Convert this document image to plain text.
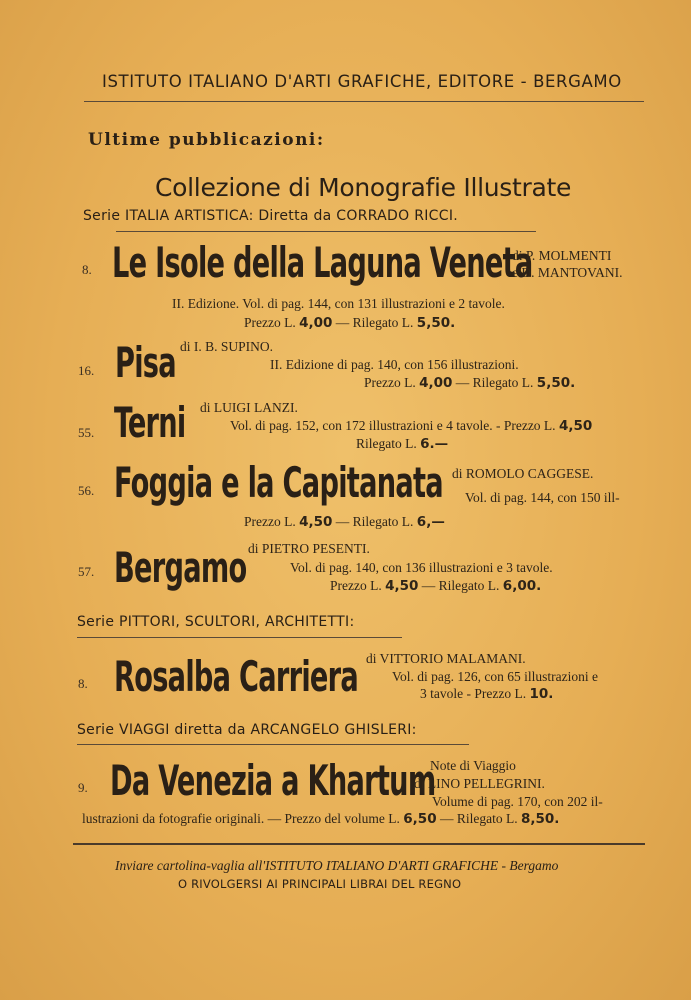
ISTITUTO ITALIANO D'ARTI GRAFICHE, EDITORE - BERGAMO
Ultime pubblicazioni:
Collezione di Monografie Illustrate
Serie ITALIA ARTISTICA: Diretta da CORRADO RICCI.
8. Le Isole della Laguna Veneta
di P. MOLMENTI
e D. MANTOVANI.
II. Edizione. Vol. di pag. 144, con 131 illustrazioni e 2 tavole.
Prezzo L. 4,00 — Rilegato L. 5,50.
16. Pisa di I. B. SUPINO.
II. Edizione di pag. 140, con 156 illustrazioni.
Prezzo L. 4,00 — Rilegato L. 5,50.
55. Terni di LUIGI LANZI.
Vol. di pag. 152, con 172 illustrazioni e 4 tavole. - Prezzo L. 4,50
Rilegato L. 6.—
56. Foggia e la Capitanata di ROMOLO CAGGESE.
Vol. di pag. 144, con 150 ill-
Prezzo L. 4,50 — Rilegato L. 6,—
57. Bergamo di PIETRO PESENTI.
Vol. di pag. 140, con 136 illustrazioni e 3 tavole.
Prezzo L. 4,50 — Rilegato L. 6,00.
Serie PITTORI, SCULTORI, ARCHITETTI:
8. Rosalba Carriera di VITTORIO MALAMANI.
Vol. di pag. 126, con 65 illustrazioni e
3 tavole - Prezzo L. 10.
Serie VIAGGI diretta da ARCANGELO GHISLERI:
9. Da Venezia a Khartum
Note di Viaggio
di LINO PELLEGRINI.
Volume di pag. 170, con 202 il-
lustrazioni da fotografie originali. — Prezzo del volume L. 6,50 — Rilegato L. 8,50.
Inviare cartolina-vaglia all'ISTITUTO ITALIANO D'ARTI GRAFICHE - Bergamo
O RIVOLGERSI AI PRINCIPALI LIBRAI DEL REGNO
